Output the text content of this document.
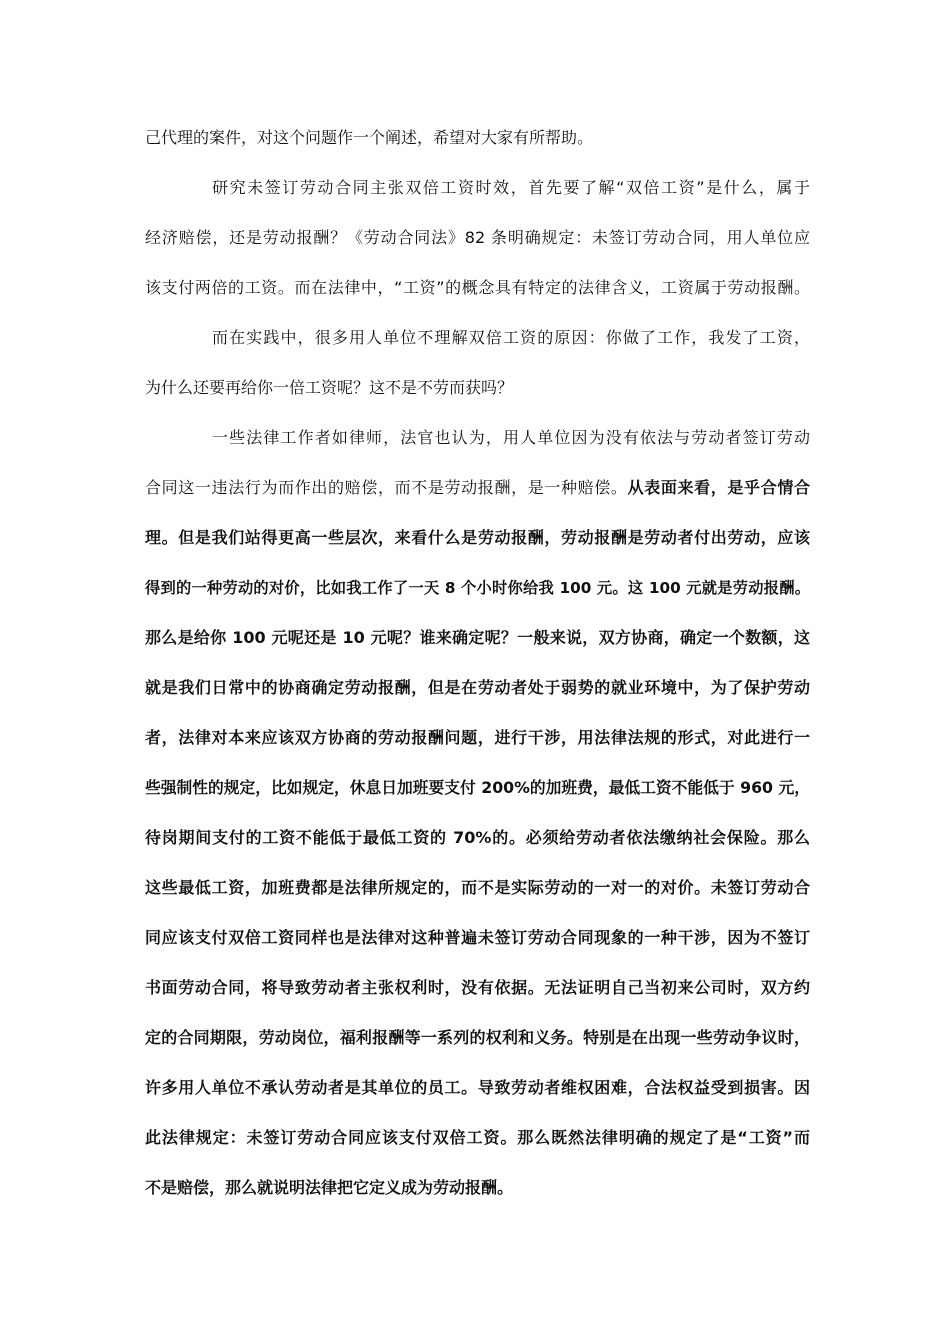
己代理的案件，对这个问题作一个阐述，希望对大家有所帮助。
研究未签订劳动合同主张双倍工资时效，首先要了解“双倍工资”是什么，属于
经济赔偿，还是劳动报酬？《劳动合同法》82 条明确规定：未签订劳动合同，用人单位应
该支付两倍的工资。而在法律中，“工资”的概念具有特定的法律含义，工资属于劳动报酬。
而在实践中，很多用人单位不理解双倍工资的原因：你做了工作，我发了工资，
为什么还要再给你一倍工资呢？这不是不劳而获吗？
一些法律工作者如律师，法官也认为，用人单位因为没有依法与劳动者签订劳动
合同这一违法行为而作出的赔偿，而不是劳动报酬，是一种赔偿。从表面来看，是乎合情合
理。但是我们站得更高一些层次，来看什么是劳动报酬，劳动报酬是劳动者付出劳动，应该
得到的一种劳动的对价，比如我工作了一天 8 个小时你给我 100 元。这 100 元就是劳动报酬。
那么是给你 100 元呢还是 10 元呢？谁来确定呢？一般来说，双方协商，确定一个数额，这
就是我们日常中的协商确定劳动报酬，但是在劳动者处于弱势的就业环境中，为了保护劳动
者，法律对本来应该双方协商的劳动报酬问题，进行干涉，用法律法规的形式，对此进行一
些强制性的规定，比如规定，休息日加班要支付 200%的加班费，最低工资不能低于 960 元，
待岗期间支付的工资不能低于最低工资的 70%的。必须给劳动者依法缴纳社会保险。那么
这些最低工资，加班费都是法律所规定的，而不是实际劳动的一对一的对价。未签订劳动合
同应该支付双倍工资同样也是法律对这种普遍未签订劳动合同现象的一种干涉，因为不签订
书面劳动合同，将导致劳动者主张权利时，没有依据。无法证明自己当初来公司时，双方约
定的合同期限，劳动岗位，福利报酬等一系列的权利和义务。特别是在出现一些劳动争议时，
许多用人单位不承认劳动者是其单位的员工。导致劳动者维权困难，合法权益受到损害。因
此法律规定：未签订劳动合同应该支付双倍工资。那么既然法律明确的规定了是“工资”而
不是赔偿，那么就说明法律把它定义成为劳动报酬。
